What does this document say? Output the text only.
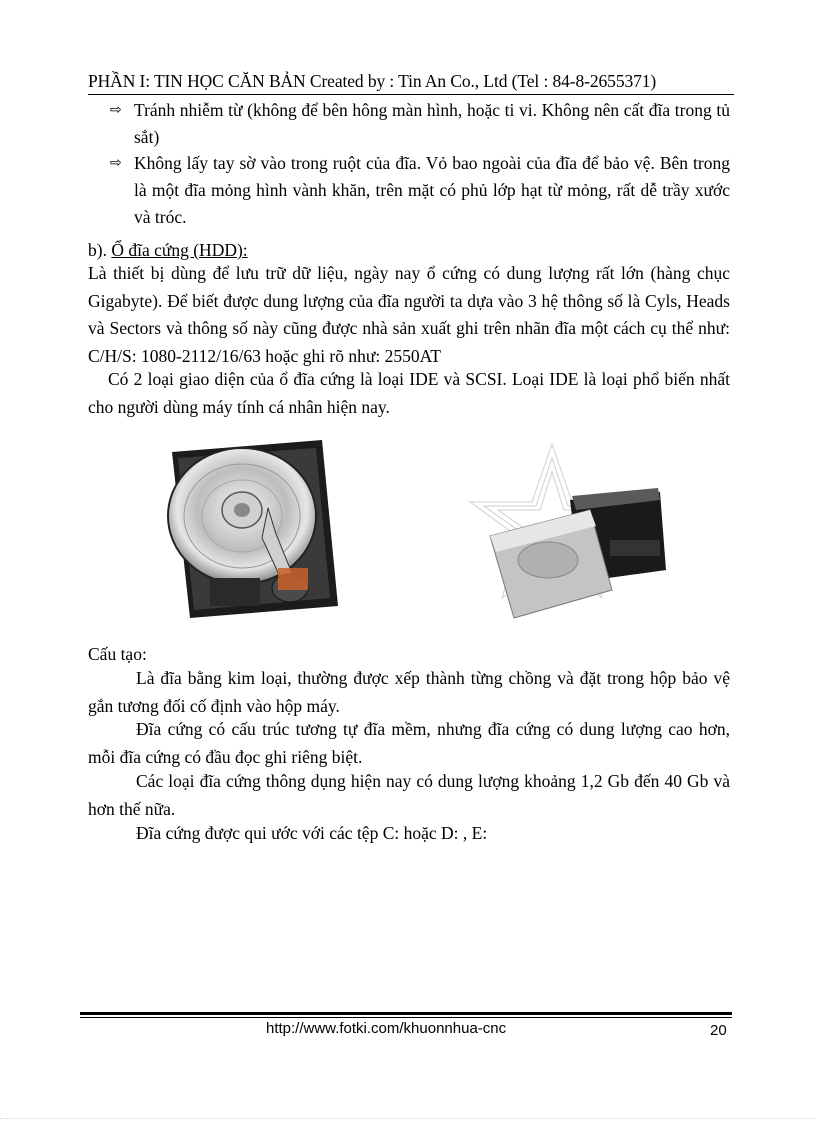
PHẦN I: TIN HỌC CĂN BẢN Created by : Tin An Co., Ltd (Tel : 84-8-2655371)
⇨ Tránh nhiễm từ (không để bên hông màn hình, hoặc ti vi. Không nên cất đĩa trong tủ sắt)
⇨ Không lấy tay sờ vào trong ruột của đĩa. Vỏ bao ngoài của đĩa để bảo vệ. Bên trong là một đĩa mỏng hình vành khăn, trên mặt có phủ lớp hạt từ mỏng, rất dễ trầy xước và tróc.
b). Ổ đĩa cứng (HDD):
Là thiết bị dùng để lưu trữ dữ liệu, ngày nay ổ cứng có dung lượng rất lớn (hàng chục Gigabyte). Để biết được dung lượng của đĩa người ta dựa vào 3 hệ thông số là Cyls, Heads và Sectors và thông số này cũng được nhà sản xuất ghi trên nhãn đĩa một cách cụ thể như: C/H/S: 1080-2112/16/63 hoặc ghi rõ như: 2550AT
Có 2 loại giao diện của ổ đĩa cứng là loại IDE và SCSI. Loại IDE là loại phổ biến nhất cho người dùng máy tính cá nhân hiện nay.
Cấu tạo:
Là đĩa bằng kim loại, thường được xếp thành từng chồng và đặt trong hộp bảo vệ gắn tương đối cố định vào hộp máy.
Đĩa cứng có cấu trúc tương tự đĩa mềm, nhưng đĩa cứng có dung lượng cao hơn, mỗi đĩa cứng có đầu đọc ghi riêng biệt.
Các loại đĩa cứng thông dụng hiện nay có dung lượng khoảng 1,2 Gb đến 40 Gb và hơn thế nữa.
Đĩa cứng được qui ước với các tệp C: hoặc D: , E:
http://www.fotki.com/khuonnhua-cnc	20
